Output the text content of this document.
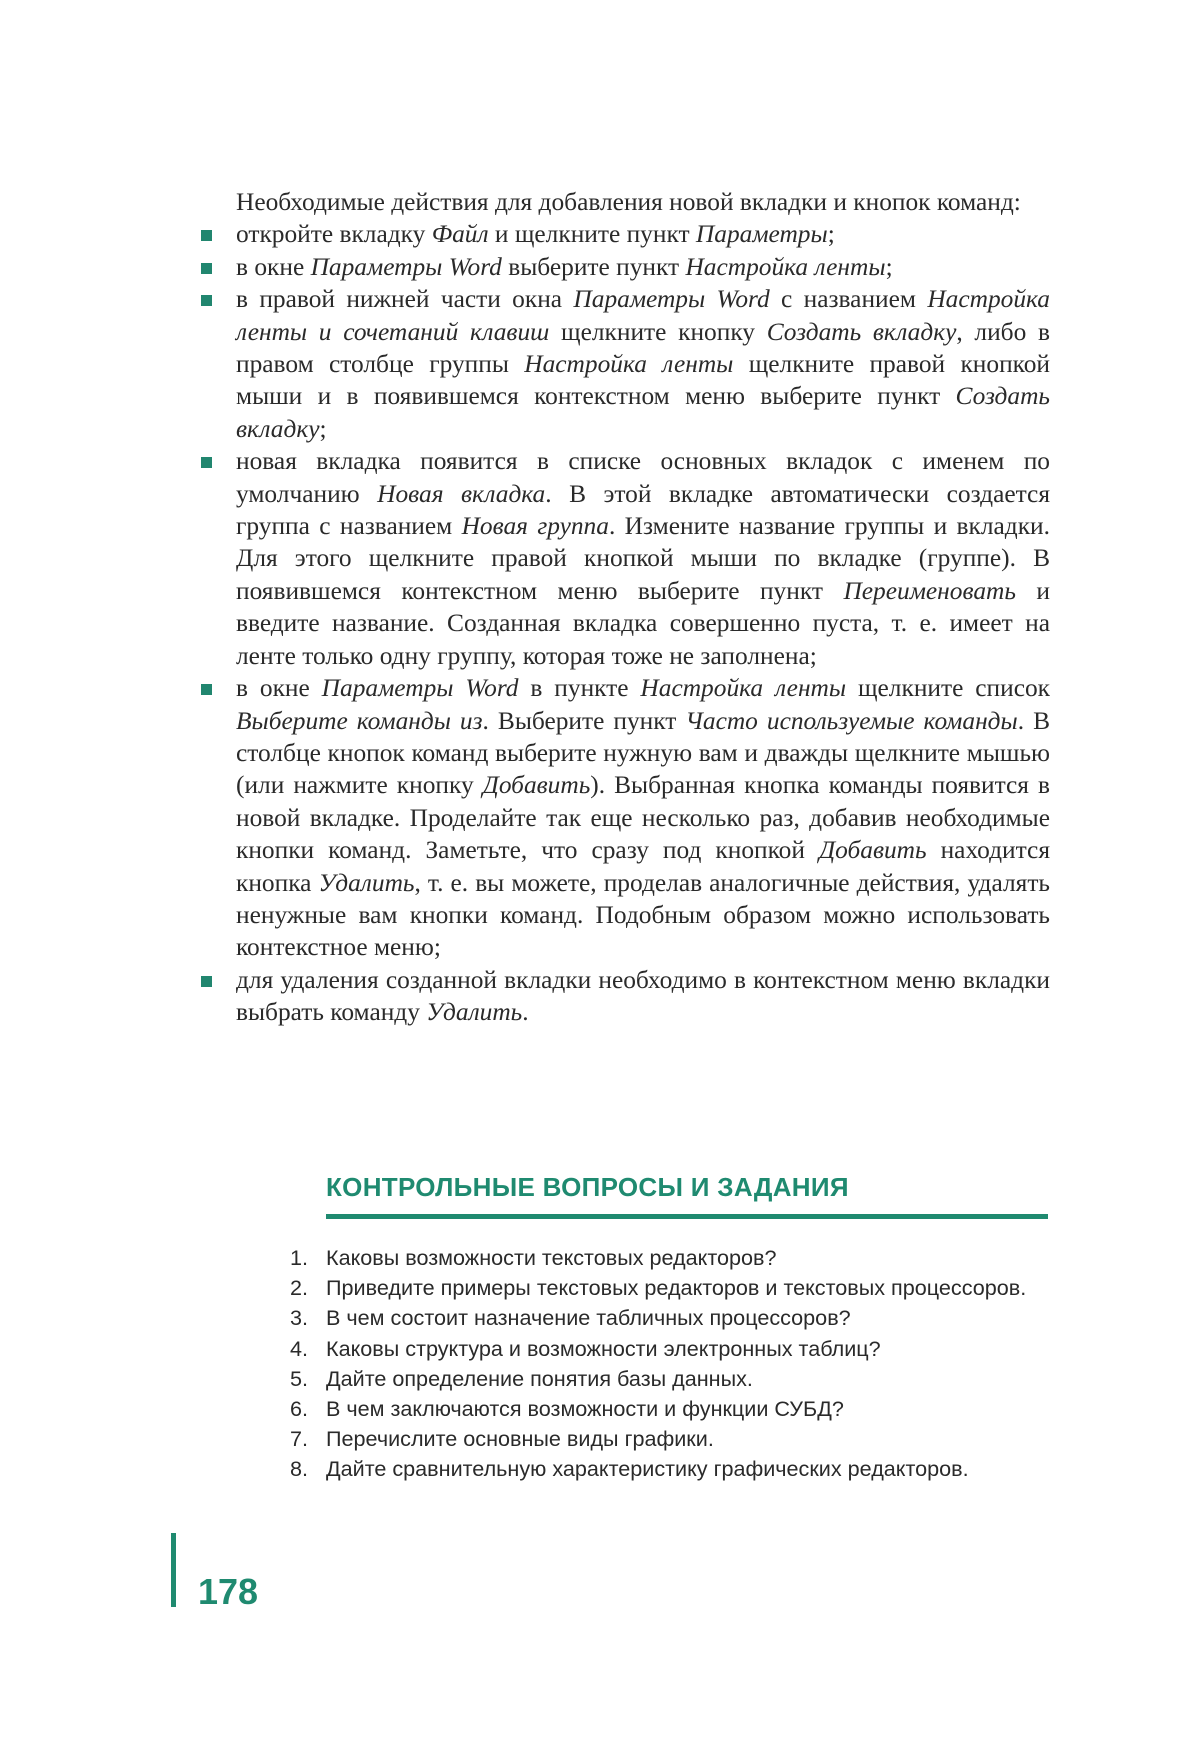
Необходимые действия для добавления новой вкладки и кнопок команд:

откройте вкладку Файл и щелкните пункт Параметры;
в окне Параметры Word выберите пункт Настройка ленты;
в правой нижней части окна Параметры Word с названием Настройка ленты и сочетаний клавиш щелкните кнопку Создать вкладку, либо в правом столбце группы Настройка ленты щелкните правой кнопкой мыши и в появившемся контекстном меню выберите пункт Создать вкладку;
новая вкладка появится в списке основных вкладок с именем по умолчанию Новая вкладка. В этой вкладке автоматически создается группа с названием Новая группа. Измените название группы и вкладки. Для этого щелкните правой кнопкой мыши по вкладке (группе). В появившемся контекстном меню выберите пункт Переименовать и введите название. Созданная вкладка совершенно пуста, т. е. имеет на ленте только одну группу, которая тоже не заполнена;
в окне Параметры Word в пункте Настройка ленты щелкните список Выберите команды из. Выберите пункт Часто используемые команды. В столбце кнопок команд выберите нужную вам и дважды щелкните мышью (или нажмите кнопку Добавить). Выбранная кнопка команды появится в новой вкладке. Проделайте так еще несколько раз, добавив необходимые кнопки команд. Заметьте, что сразу под кнопкой Добавить находится кнопка Удалить, т. е. вы можете, проделав аналогичные действия, удалять ненужные вам кнопки команд. Подобным образом можно использовать контекстное меню;
для удаления созданной вкладки необходимо в контекстном меню вкладки выбрать команду Удалить.
КОНТРОЛЬНЫЕ ВОПРОСЫ И ЗАДАНИЯ
1. Каковы возможности текстовых редакторов?
2. Приведите примеры текстовых редакторов и текстовых процессоров.
3. В чем состоит назначение табличных процессоров?
4. Каковы структура и возможности электронных таблиц?
5. Дайте определение понятия базы данных.
6. В чем заключаются возможности и функции СУБД?
7. Перечислите основные виды графики.
8. Дайте сравнительную характеристику графических редакторов.
178
